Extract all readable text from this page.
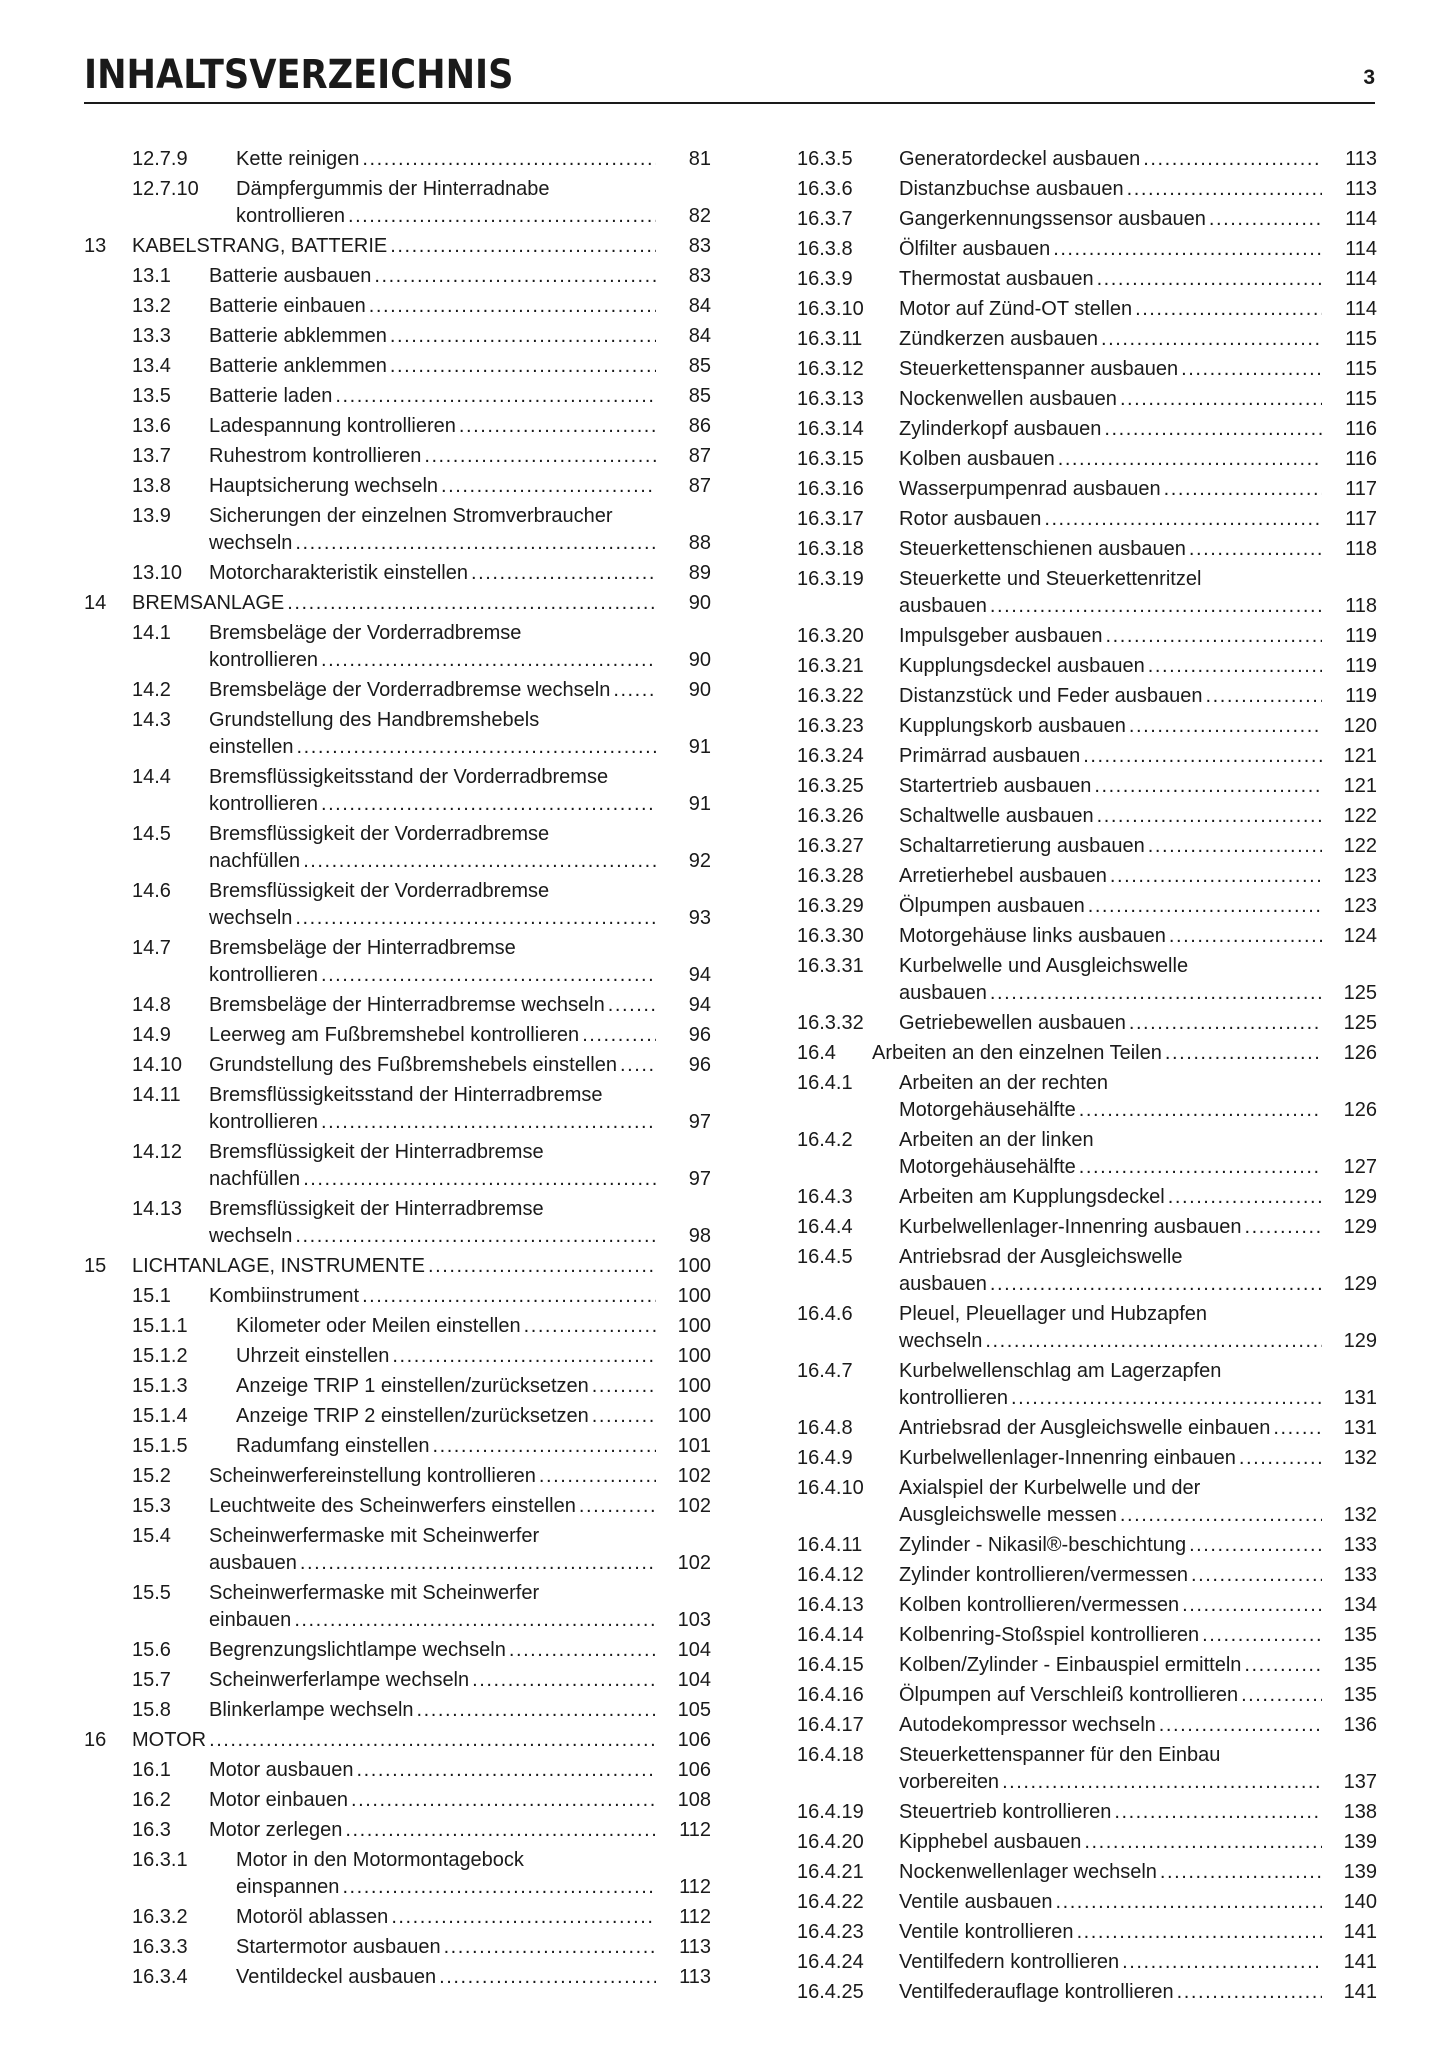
INHALTSVERZEICHNIS	3
12.7.9 Kette reinigen . . .	81
12.7.10 Dämpfergummis der Hinterradnabe
kontrollieren . . .	82
13 KABELSTRANG, BATTERIE . . .	83
13.1 Batterie ausbauen . . .	83
13.2 Batterie einbauen . . .	84
13.3 Batterie abklemmen . . .	84
13.4 Batterie anklemmen . . .	85
13.5 Batterie laden . . .	85
13.6 Ladespannung kontrollieren . . .	86
13.7 Ruhestrom kontrollieren . . .	87
13.8 Hauptsicherung wechseln . . .	87
13.9 Sicherungen der einzelnen Stromverbraucher
wechseln . . .	88
13.10 Motorcharakteristik einstellen . . .	89
14 BREMSANLAGE . . .	90
14.1 Bremsbeläge der Vorderradbremse
kontrollieren . . .	90
14.2 Bremsbeläge der Vorderradbremse wechseln . . .	90
14.3 Grundstellung des Handbremshebels
einstellen . . .	91
14.4 Bremsflüssigkeitsstand der Vorderradbremse
kontrollieren . . .	91
14.5 Bremsflüssigkeit der Vorderradbremse
nachfüllen . . .	92
14.6 Bremsflüssigkeit der Vorderradbremse
wechseln . . .	93
14.7 Bremsbeläge der Hinterradbremse
kontrollieren . . .	94
14.8 Bremsbeläge der Hinterradbremse wechseln . . .	94
14.9 Leerweg am Fußbremshebel kontrollieren . . .	96
14.10 Grundstellung des Fußbremshebels einstellen . . .	96
14.11 Bremsflüssigkeitsstand der Hinterradbremse
kontrollieren . . .	97
14.12 Bremsflüssigkeit der Hinterradbremse
nachfüllen . . .	97
14.13 Bremsflüssigkeit der Hinterradbremse
wechseln . . .	98
15 LICHTANLAGE, INSTRUMENTE . . .	100
15.1 Kombiinstrument . . .	100
15.1.1 Kilometer oder Meilen einstellen . . .	100
15.1.2 Uhrzeit einstellen . . .	100
15.1.3 Anzeige TRIP 1 einstellen/zurücksetzen . . .	100
15.1.4 Anzeige TRIP 2 einstellen/zurücksetzen . . .	100
15.1.5 Radumfang einstellen . . .	101
15.2 Scheinwerfereinstellung kontrollieren . . .	102
15.3 Leuchtweite des Scheinwerfers einstellen . . .	102
15.4 Scheinwerfermaske mit Scheinwerfer
ausbauen . . .	102
15.5 Scheinwerfermaske mit Scheinwerfer
einbauen . . .	103
15.6 Begrenzungslichtlampe wechseln . . .	104
15.7 Scheinwerferlampe wechseln . . .	104
15.8 Blinkerlampe wechseln . . .	105
16 MOTOR . . .	106
16.1 Motor ausbauen . . .	106
16.2 Motor einbauen . . .	108
16.3 Motor zerlegen . . .	112
16.3.1 Motor in den Motormontagebock
einspannen . . .	112
16.3.2 Motoröl ablassen . . .	112
16.3.3 Startermotor ausbauen . . .	113
16.3.4 Ventildeckel ausbauen . . .	113
16.3.5 Generatordeckel ausbauen . . .	113
16.3.6 Distanzbuchse ausbauen . . .	113
16.3.7 Gangerkennungssensor ausbauen . . .	114
16.3.8 Ölfilter ausbauen . . .	114
16.3.9 Thermostat ausbauen . . .	114
16.3.10 Motor auf Zünd-OT stellen . . .	114
16.3.11 Zündkerzen ausbauen . . .	115
16.3.12 Steuerkettenspanner ausbauen . . .	115
16.3.13 Nockenwellen ausbauen . . .	115
16.3.14 Zylinderkopf ausbauen . . .	116
16.3.15 Kolben ausbauen . . .	116
16.3.16 Wasserpumpenrad ausbauen . . .	117
16.3.17 Rotor ausbauen . . .	117
16.3.18 Steuerkettenschienen ausbauen . . .	118
16.3.19 Steuerkette und Steuerkettenritzel
ausbauen . . .	118
16.3.20 Impulsgeber ausbauen . . .	119
16.3.21 Kupplungsdeckel ausbauen . . .	119
16.3.22 Distanzstück und Feder ausbauen . . .	119
16.3.23 Kupplungskorb ausbauen . . .	120
16.3.24 Primärrad ausbauen . . .	121
16.3.25 Startertrieb ausbauen . . .	121
16.3.26 Schaltwelle ausbauen . . .	122
16.3.27 Schaltarretierung ausbauen . . .	122
16.3.28 Arretierhebel ausbauen . . .	123
16.3.29 Ölpumpen ausbauen . . .	123
16.3.30 Motorgehäuse links ausbauen . . .	124
16.3.31 Kurbelwelle und Ausgleichswelle
ausbauen . . .	125
16.3.32 Getriebewellen ausbauen . . .	125
16.4 Arbeiten an den einzelnen Teilen . . .	126
16.4.1 Arbeiten an der rechten
Motorgehäusehälfte . . .	126
16.4.2 Arbeiten an der linken
Motorgehäusehälfte . . .	127
16.4.3 Arbeiten am Kupplungsdeckel . . .	129
16.4.4 Kurbelwellenlager-Innenring ausbauen . . .	129
16.4.5 Antriebsrad der Ausgleichswelle
ausbauen . . .	129
16.4.6 Pleuel, Pleuellager und Hubzapfen
wechseln . . .	129
16.4.7 Kurbelwellenschlag am Lagerzapfen
kontrollieren . . .	131
16.4.8 Antriebsrad der Ausgleichswelle einbauen . . .	131
16.4.9 Kurbelwellenlager-Innenring einbauen . . .	132
16.4.10 Axialspiel der Kurbelwelle und der
Ausgleichswelle messen . . .	132
16.4.11 Zylinder - Nikasil®-beschichtung . . .	133
16.4.12 Zylinder kontrollieren/vermessen . . .	133
16.4.13 Kolben kontrollieren/vermessen . . .	134
16.4.14 Kolbenring-Stoßspiel kontrollieren . . .	135
16.4.15 Kolben/Zylinder - Einbauspiel ermitteln . . .	135
16.4.16 Ölpumpen auf Verschleiß kontrollieren . . .	135
16.4.17 Autodekompressor wechseln . . .	136
16.4.18 Steuerkettenspanner für den Einbau
vorbereiten . . .	137
16.4.19 Steuertrieb kontrollieren . . .	138
16.4.20 Kipphebel ausbauen . . .	139
16.4.21 Nockenwellenlager wechseln . . .	139
16.4.22 Ventile ausbauen . . .	140
16.4.23 Ventile kontrollieren . . .	141
16.4.24 Ventilfedern kontrollieren . . .	141
16.4.25 Ventilfederauflage kontrollieren . . .	141
